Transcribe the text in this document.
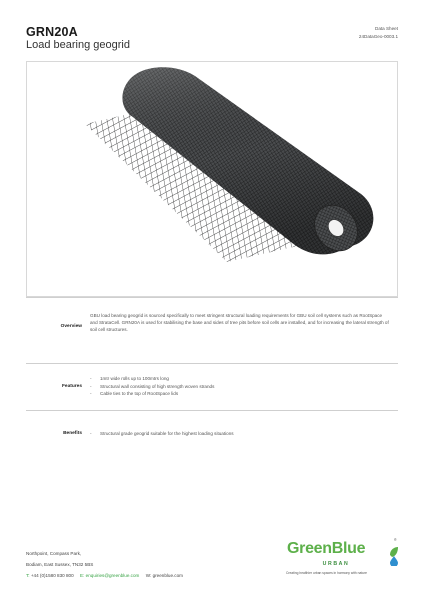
GRN20A
Load bearing geogrid
Data Sheet
24DataGeo-0003.1
Overview
GBU load bearing geogrid is sourced specifically to meet stringent structural loading requirements for GBU soil cell systems such as RootSpace and StrataCell. GRN20A is used for stabilising the base and sides of tree pits before soil cells are installed, and for increasing the lateral strength of soil cell structures.
Features
- 1mtr wide rolls up to 100mtrs long
- Structural wall consisting of high strength woven strands
- Cable ties to the top of RootSpace lids
Benefits
-	Structural grade geogrid suitable for the highest loading situations
Northpoint, Compass Park,
Bodiam, East Sussex, TN32 5BS
T: +44 (0)1580 830 800 E: enquiries@greenblue.com W: greenblue.com
GreenBlue
URBAN
Creating healthier urban spaces in harmony with nature
®
